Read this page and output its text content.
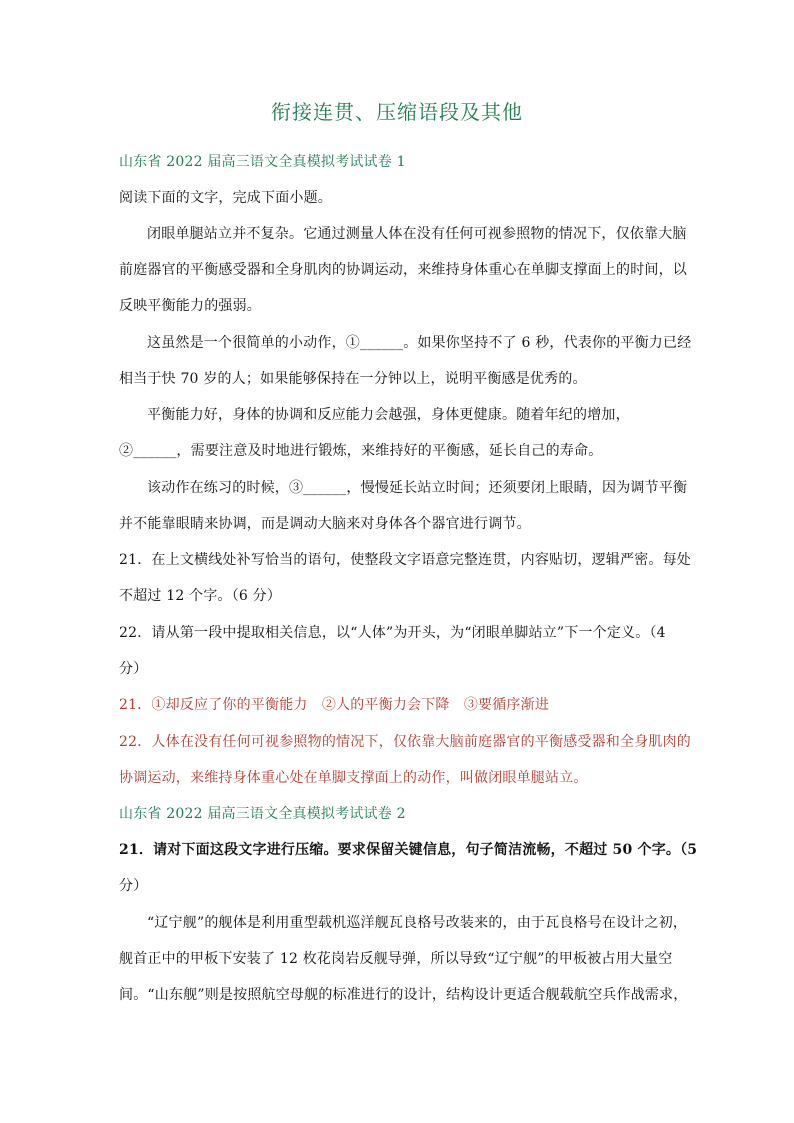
衔接连贯、压缩语段及其他
山东省 2022 届高三语文全真模拟考试试卷 1
阅读下面的文字，完成下面小题。
闭眼单腿站立并不复杂。它通过测量人体在没有任何可视参照物的情况下，仅依靠大脑
前庭器官的平衡感受器和全身肌肉的协调运动，来维持身体重心在单脚支撑面上的时间，以
反映平衡能力的强弱。
这虽然是一个很简单的小动作，①______。如果你坚持不了 6 秒，代表你的平衡力已经
相当于快 70 岁的人；如果能够保持在一分钟以上，说明平衡感是优秀的。
平衡能力好，身体的协调和反应能力会越强，身体更健康。随着年纪的增加，
②______，需要注意及时地进行锻炼，来维持好的平衡感，延长自己的寿命。
该动作在练习的时候，③______，慢慢延长站立时间；还须要闭上眼睛，因为调节平衡
并不能靠眼睛来协调，而是调动大脑来对身体各个器官进行调节。
21．在上文横线处补写恰当的语句，使整段文字语意完整连贯，内容贴切，逻辑严密。每处
不超过 12 个字。（6 分）
22．请从第一段中提取相关信息，以“人体”为开头，为“闭眼单脚站立”下一个定义。（4
分）
21．①却反应了你的平衡能力　②人的平衡力会下降　③要循序渐进
22．人体在没有任何可视参照物的情况下，仅依靠大脑前庭器官的平衡感受器和全身肌肉的
协调运动，来维持身体重心处在单脚支撑面上的动作，叫做闭眼单腿站立。
山东省 2022 届高三语文全真模拟考试试卷 2
21．请对下面这段文字进行压缩。要求保留关键信息，句子简洁流畅，不超过 50 个字。（5
分）
“辽宁舰”的舰体是利用重型载机巡洋舰瓦良格号改装来的，由于瓦良格号在设计之初，
舰首正中的甲板下安装了 12 枚花岗岩反舰导弹，所以导致“辽宁舰”的甲板被占用大量空
间。“山东舰”则是按照航空母舰的标准进行的设计，结构设计更适合舰载航空兵作战需求，
